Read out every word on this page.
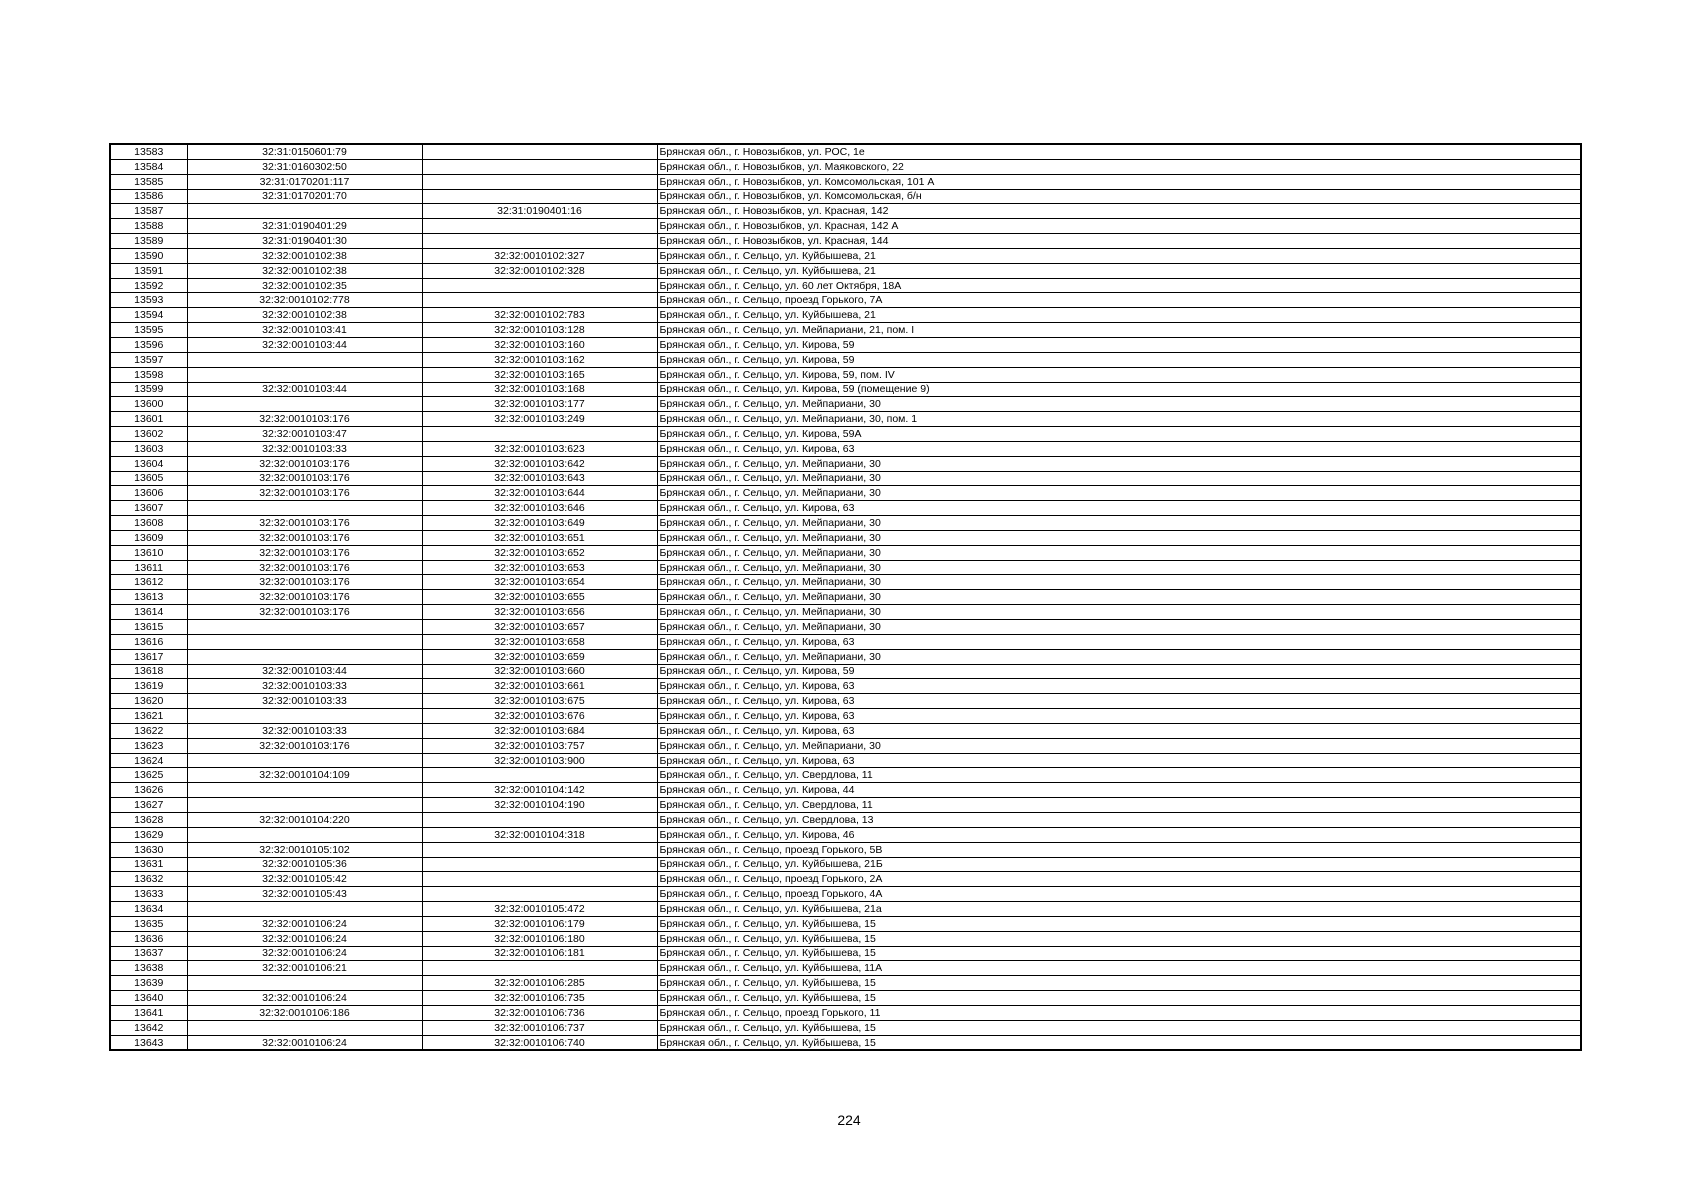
13583	32:31:0150601:79		Брянская обл., г. Новозыбков, ул. РОС, 1е
13584	32:31:0160302:50		Брянская обл., г. Новозыбков, ул. Маяковского, 22
13585	32:31:0170201:117		Брянская обл., г. Новозыбков, ул. Комсомольская, 101 А
13586	32:31:0170201:70		Брянская обл., г. Новозыбков, ул. Комсомольская, б/н
13587		32:31:0190401:16	Брянская обл., г. Новозыбков, ул. Красная, 142
13588	32:31:0190401:29		Брянская обл., г. Новозыбков, ул. Красная, 142 А
13589	32:31:0190401:30		Брянская обл., г. Новозыбков, ул. Красная, 144
13590	32:32:0010102:38	32:32:0010102:327	Брянская обл., г. Сельцо, ул. Куйбышева, 21
13591	32:32:0010102:38	32:32:0010102:328	Брянская обл., г. Сельцо, ул. Куйбышева, 21
13592	32:32:0010102:35		Брянская обл., г. Сельцо, ул. 60 лет Октября, 18А
13593	32:32:0010102:778		Брянская обл., г. Сельцо, проезд Горького, 7А
13594	32:32:0010102:38	32:32:0010102:783	Брянская обл., г. Сельцо, ул. Куйбышева, 21
13595	32:32:0010103:41	32:32:0010103:128	Брянская обл., г. Сельцо, ул. Мейпариани, 21, пом. I
13596	32:32:0010103:44	32:32:0010103:160	Брянская обл., г. Сельцо, ул. Кирова, 59
13597		32:32:0010103:162	Брянская обл., г. Сельцо, ул. Кирова, 59
13598		32:32:0010103:165	Брянская обл., г. Сельцо, ул. Кирова, 59, пом. IV
13599	32:32:0010103:44	32:32:0010103:168	Брянская обл., г. Сельцо, ул. Кирова, 59 (помещение 9)
13600		32:32:0010103:177	Брянская обл., г. Сельцо, ул. Мейпариани, 30
13601	32:32:0010103:176	32:32:0010103:249	Брянская обл., г. Сельцо, ул. Мейпариани, 30, пом. 1
13602	32:32:0010103:47		Брянская обл., г. Сельцо, ул. Кирова, 59А
13603	32:32:0010103:33	32:32:0010103:623	Брянская обл., г. Сельцо, ул. Кирова, 63
13604	32:32:0010103:176	32:32:0010103:642	Брянская обл., г. Сельцо, ул. Мейпариани, 30
13605	32:32:0010103:176	32:32:0010103:643	Брянская обл., г. Сельцо, ул. Мейпариани, 30
13606	32:32:0010103:176	32:32:0010103:644	Брянская обл., г. Сельцо, ул. Мейпариани, 30
13607		32:32:0010103:646	Брянская обл., г. Сельцо, ул. Кирова, 63
13608	32:32:0010103:176	32:32:0010103:649	Брянская обл., г. Сельцо, ул. Мейпариани, 30
13609	32:32:0010103:176	32:32:0010103:651	Брянская обл., г. Сельцо, ул. Мейпариани, 30
13610	32:32:0010103:176	32:32:0010103:652	Брянская обл., г. Сельцо, ул. Мейпариани, 30
13611	32:32:0010103:176	32:32:0010103:653	Брянская обл., г. Сельцо, ул. Мейпариани, 30
13612	32:32:0010103:176	32:32:0010103:654	Брянская обл., г. Сельцо, ул. Мейпариани, 30
13613	32:32:0010103:176	32:32:0010103:655	Брянская обл., г. Сельцо, ул. Мейпариани, 30
13614	32:32:0010103:176	32:32:0010103:656	Брянская обл., г. Сельцо, ул. Мейпариани, 30
13615		32:32:0010103:657	Брянская обл., г. Сельцо, ул. Мейпариани, 30
13616		32:32:0010103:658	Брянская обл., г. Сельцо, ул. Кирова, 63
13617		32:32:0010103:659	Брянская обл., г. Сельцо, ул. Мейпариани, 30
13618	32:32:0010103:44	32:32:0010103:660	Брянская обл., г. Сельцо, ул. Кирова, 59
13619	32:32:0010103:33	32:32:0010103:661	Брянская обл., г. Сельцо, ул. Кирова, 63
13620	32:32:0010103:33	32:32:0010103:675	Брянская обл., г. Сельцо, ул. Кирова, 63
13621		32:32:0010103:676	Брянская обл., г. Сельцо, ул. Кирова, 63
13622	32:32:0010103:33	32:32:0010103:684	Брянская обл., г. Сельцо, ул. Кирова, 63
13623	32:32:0010103:176	32:32:0010103:757	Брянская обл., г. Сельцо, ул. Мейпариани, 30
13624		32:32:0010103:900	Брянская обл., г. Сельцо, ул. Кирова, 63
13625	32:32:0010104:109		Брянская обл., г. Сельцо, ул. Свердлова, 11
13626		32:32:0010104:142	Брянская обл., г. Сельцо, ул. Кирова, 44
13627		32:32:0010104:190	Брянская обл., г. Сельцо, ул. Свердлова, 11
13628	32:32:0010104:220		Брянская обл., г. Сельцо, ул. Свердлова, 13
13629		32:32:0010104:318	Брянская обл., г. Сельцо, ул. Кирова, 46
13630	32:32:0010105:102		Брянская обл., г. Сельцо, проезд Горького, 5В
13631	32:32:0010105:36		Брянская обл., г. Сельцо, ул. Куйбышева, 21Б
13632	32:32:0010105:42		Брянская обл., г. Сельцо, проезд Горького, 2А
13633	32:32:0010105:43		Брянская обл., г. Сельцо, проезд Горького, 4А
13634		32:32:0010105:472	Брянская обл., г. Сельцо, ул. Куйбышева, 21а
13635	32:32:0010106:24	32:32:0010106:179	Брянская обл., г. Сельцо, ул. Куйбышева, 15
13636	32:32:0010106:24	32:32:0010106:180	Брянская обл., г. Сельцо, ул. Куйбышева, 15
13637	32:32:0010106:24	32:32:0010106:181	Брянская обл., г. Сельцо, ул. Куйбышева, 15
13638	32:32:0010106:21		Брянская обл., г. Сельцо, ул. Куйбышева, 11А
13639		32:32:0010106:285	Брянская обл., г. Сельцо, ул. Куйбышева, 15
13640	32:32:0010106:24	32:32:0010106:735	Брянская обл., г. Сельцо, ул. Куйбышева, 15
13641	32:32:0010106:186	32:32:0010106:736	Брянская обл., г. Сельцо, проезд Горького, 11
13642		32:32:0010106:737	Брянская обл., г. Сельцо, ул. Куйбышева, 15
13643	32:32:0010106:24	32:32:0010106:740	Брянская обл., г. Сельцо, ул. Куйбышева, 15
224
